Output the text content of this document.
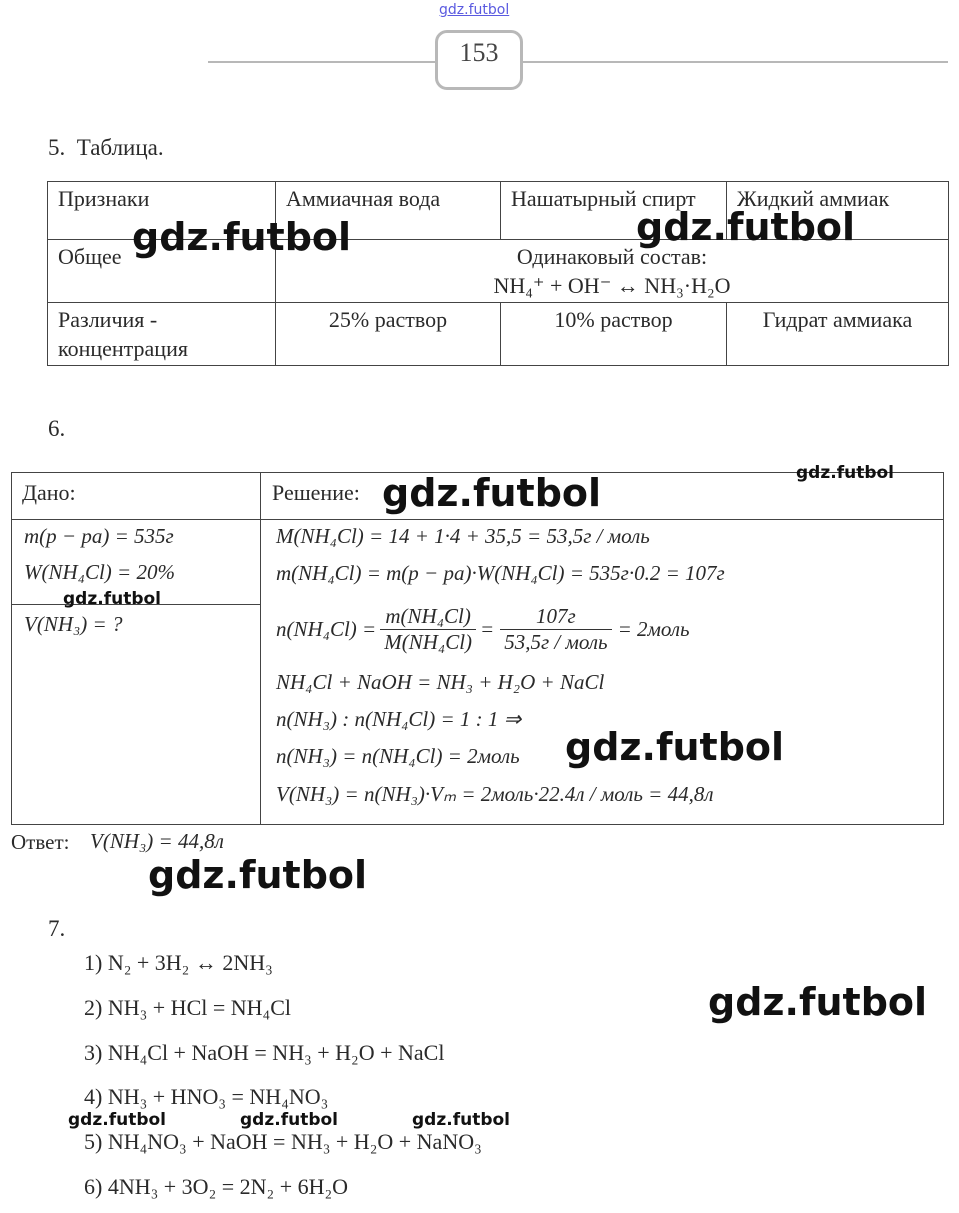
gdz.futbol
153
5.  Таблица.
Признаки	Аммиачная вода	Нашатырный спирт	Жидкий аммиак
Общее	Одинаковый состав:
NH₄⁺ + OH⁻ ↔ NH₃·H₂O		

Различия - концентрация	25% раствор	10% раствор	Гидрат аммиака
6.
Дано:	Решение:
m(p − pa) = 535г
W(NH₄Cl) = 20%
V(NH₃) = ?
M(NH₄Cl) = 14 + 1·4 + 35,5 = 53,5г / моль
m(NH₄Cl) = m(p − pa)·W(NH₄Cl) = 535г·0.2 = 107г
$n(NH_4Cl) = \frac{\text{m(NH₄Cl)}}{\text{M(NH₄Cl)}} = \frac{107г}{\text{53,5г / моль}}$ = 2моль
NH₄Cl + NaOH = NH₃ + H₂O + NaCl
n(NH₃) : n(NH₄Cl) = 1 : 1 ⇒
n(NH₃) = n(NH₄Cl) = 2моль
V(NH₃) = n(NH₃)·Vₘ = 2моль·22.4л / моль = 44,8л
Ответ: V(NH₃) = 44,8л
7.
1) N₂ + 3H₂ ↔ 2NH₃
2) NH₃ + HCl = NH₄Cl
3) NH₄Cl + NaOH = NH₃ + H₂O + NaCl
4) NH₃ + HNO₃ = NH₄NO₃
5) NH₄NO₃ + NaOH = NH₃ + H₂O + NaNO₃
6) 4NH₃ + 3O₂ = 2N₂ + 6H₂O
gdz.futbol	gdz.futbol
gdz.futbol	gdz.futbol
gdz.futbol
gdz.futbol
gdz.futbol
gdz.futbol
gdz.futbol	gdz.futbol	gdz.futbol
